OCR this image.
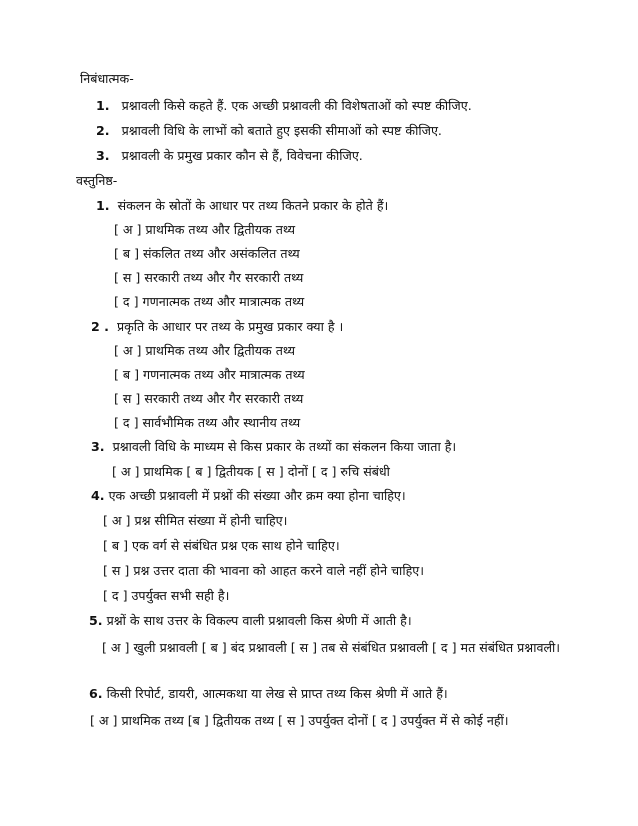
निबंधात्मक-
1. प्रश्नावली किसे कहते हैं. एक अच्छी प्रश्नावली की विशेषताओं को स्पष्ट कीजिए.
2. प्रश्नावली विधि के लाभों को बताते हुए इसकी सीमाओं को स्पष्ट कीजिए.
3. प्रश्नावली के प्रमुख प्रकार कौन से हैं, विवेचना कीजिए.
वस्तुनिष्ठ-
1. संकलन के स्रोतों के आधार पर तथ्य कितने प्रकार के होते हैं।
[ अ ] प्राथमिक तथ्य और द्वितीयक तथ्य
[ ब ] संकलित तथ्य और असंकलित तथ्य
[ स ] सरकारी तथ्य और गैर सरकारी तथ्य
[ द ] गणनात्मक तथ्य और मात्रात्मक तथ्य
2 . प्रकृति के आधार पर तथ्य के प्रमुख प्रकार क्या है ।
[ अ ] प्राथमिक तथ्य और द्वितीयक तथ्य
[ ब ] गणनात्मक तथ्य और मात्रात्मक तथ्य
[ स ] सरकारी तथ्य और गैर सरकारी तथ्य
[ द ] सार्वभौमिक तथ्य और स्थानीय तथ्य
3. प्रश्नावली विधि के माध्यम से किस प्रकार के तथ्यों का संकलन किया जाता है।
[ अ ] प्राथमिक [ ब ] द्वितीयक [ स ] दोनों [ द ] रुचि संबंधी
4. एक अच्छी प्रश्नावली में प्रश्नों की संख्या और क्रम क्या होना चाहिए।
[ अ ] प्रश्न सीमित संख्या में होनी चाहिए।
[ ब ] एक वर्ग से संबंधित प्रश्न एक साथ होने चाहिए।
[ स ] प्रश्न उत्तर दाता की भावना को आहत करने वाले नहीं होने चाहिए।
[ द ] उपर्युक्त सभी सही है।
5. प्रश्नों के साथ उत्तर के विकल्प वाली प्रश्नावली किस श्रेणी में आती है।
[ अ ] खुली प्रश्नावली [ ब ] बंद प्रश्नावली [ स ] तब से संबंधित प्रश्नावली [ द ] मत संबंधित प्रश्नावली।
6. किसी रिपोर्ट, डायरी, आत्मकथा या लेख से प्राप्त तथ्य किस श्रेणी में आते हैं।
[ अ ] प्राथमिक तथ्य [ब ] द्वितीयक तथ्य [ स ] उपर्युक्त दोनों [ द ] उपर्युक्त में से कोई नहीं।
